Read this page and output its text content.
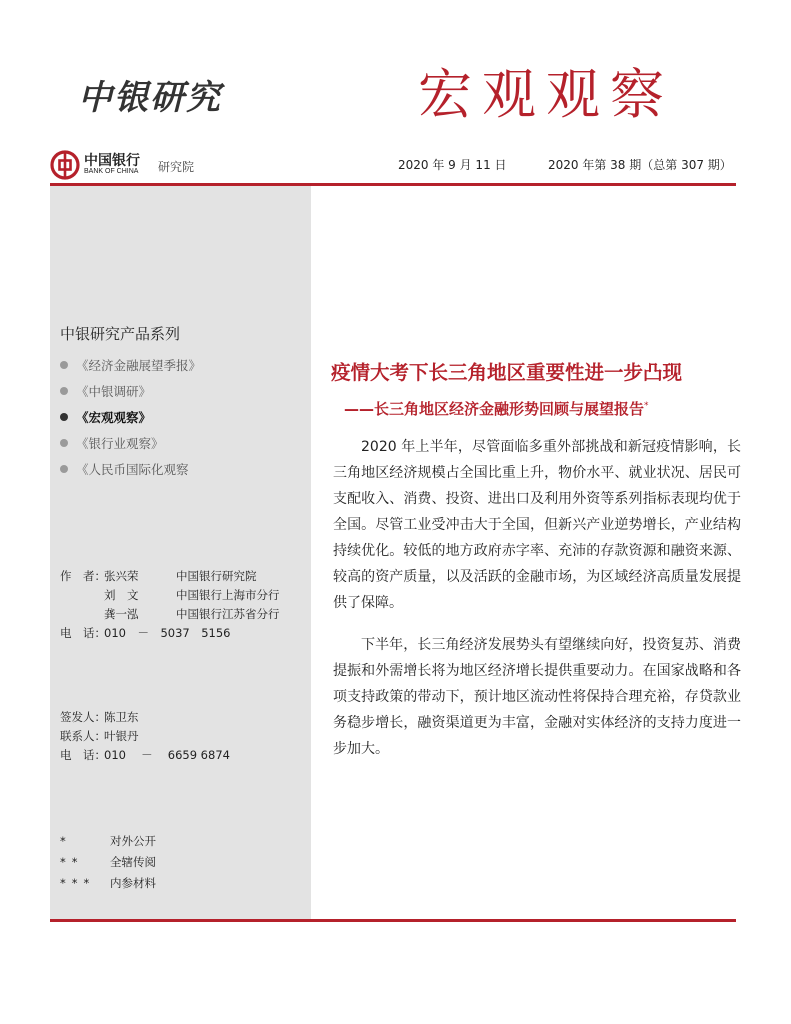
中银研究	宏观观察
中国银行
BANK OF CHINA 研究院	2020 年 9 月 11 日	2020 年第 38 期（总第 307 期）
中银研究产品系列
《经济金融展望季报》
《中银调研》
《宏观观察》
《银行业观察》
《人民币国际化观察
作　者：
张兴荣	中国银行研究院
刘　文	中国银行上海市分行
龚一泓	中国银行江苏省分行
电　话：
010　－　5037　5156
签发人：
陈卫东
联系人：
叶银丹
电　话：
010　 －　 6659 6874
*	对外公开
**	全辖传阅
***	内参材料
疫情大考下长三角地区重要性进一步凸现
——长三角地区经济金融形势回顾与展望报告*

2020 年上半年，尽管面临多重外部挑战和新冠疫情影响，长三角地区经济规模占全国比重上升，物价水平、就业状况、居民可支配收入、消费、投资、进出口及利用外资等系列指标表现均优于全国。尽管工业受冲击大于全国，但新兴产业逆势增长，产业结构持续优化。较低的地方政府赤字率、充沛的存款资源和融资来源、较高的资产质量，以及活跃的金融市场，为区域经济高质量发展提供了保障。

下半年，长三角经济发展势头有望继续向好，投资复苏、消费提振和外需增长将为地区经济增长提供重要动力。在国家战略和各项支持政策的带动下，预计地区流动性将保持合理充裕，存贷款业务稳步增长，融资渠道更为丰富，金融对实体经济的支持力度进一步加大。
